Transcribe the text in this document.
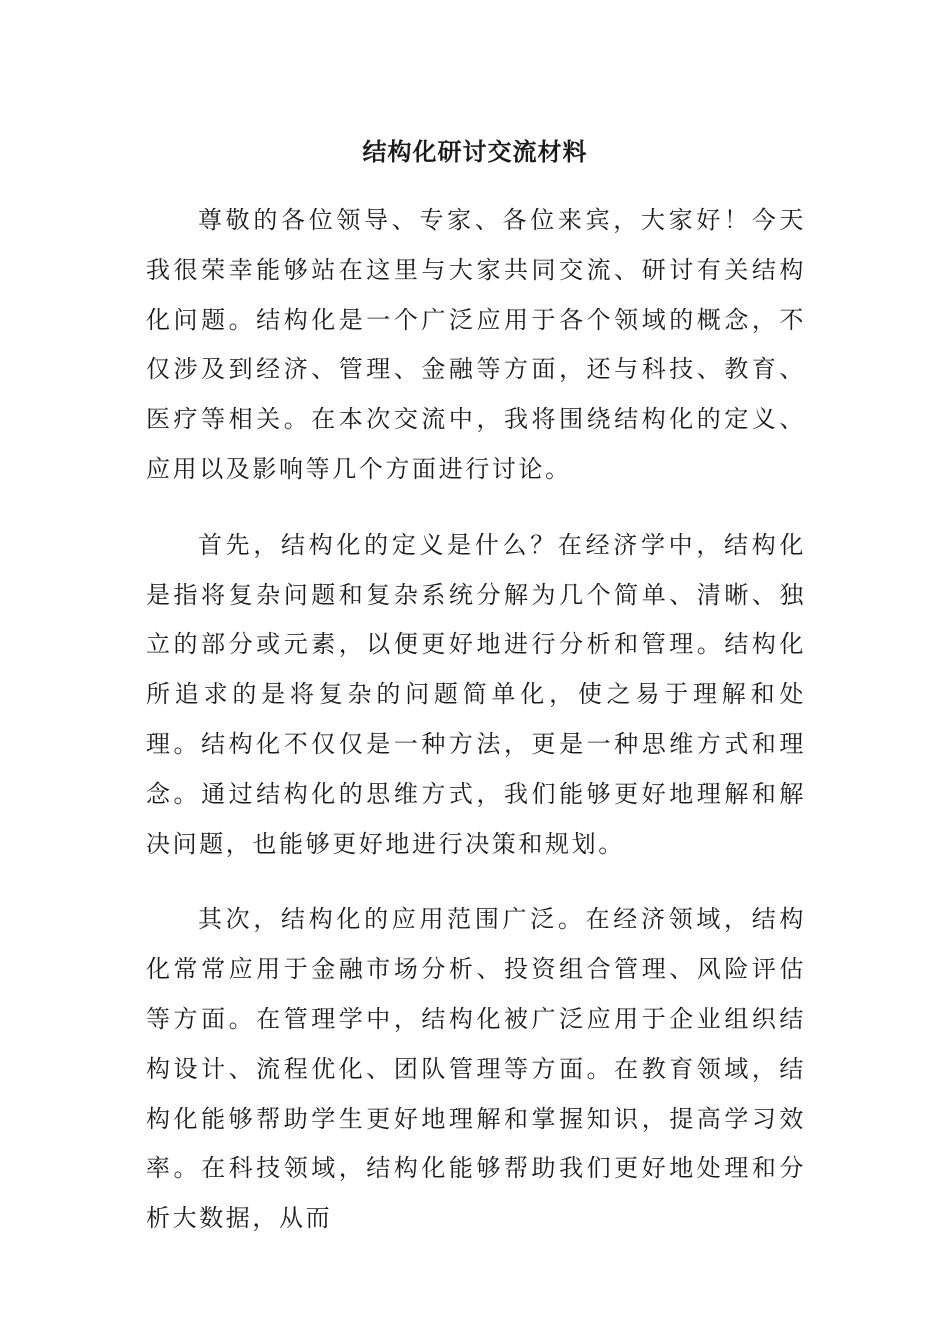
结构化研讨交流材料

尊敬的各位领导、专家、各位来宾，大家好！今天我很荣幸能够站在这里与大家共同交流、研讨有关结构化问题。结构化是一个广泛应用于各个领域的概念，不仅涉及到经济、管理、金融等方面，还与科技、教育、医疗等相关。在本次交流中，我将围绕结构化的定义、应用以及影响等几个方面进行讨论。

首先，结构化的定义是什么？在经济学中，结构化是指将复杂问题和复杂系统分解为几个简单、清晰、独立的部分或元素，以便更好地进行分析和管理。结构化所追求的是将复杂的问题简单化，使之易于理解和处理。结构化不仅仅是一种方法，更是一种思维方式和理念。通过结构化的思维方式，我们能够更好地理解和解决问题，也能够更好地进行决策和规划。

其次，结构化的应用范围广泛。在经济领域，结构化常常应用于金融市场分析、投资组合管理、风险评估等方面。在管理学中，结构化被广泛应用于企业组织结构设计、流程优化、团队管理等方面。在教育领域，结构化能够帮助学生更好地理解和掌握知识，提高学习效率。在科技领域，结构化能够帮助我们更好地处理和分析大数据，从而
